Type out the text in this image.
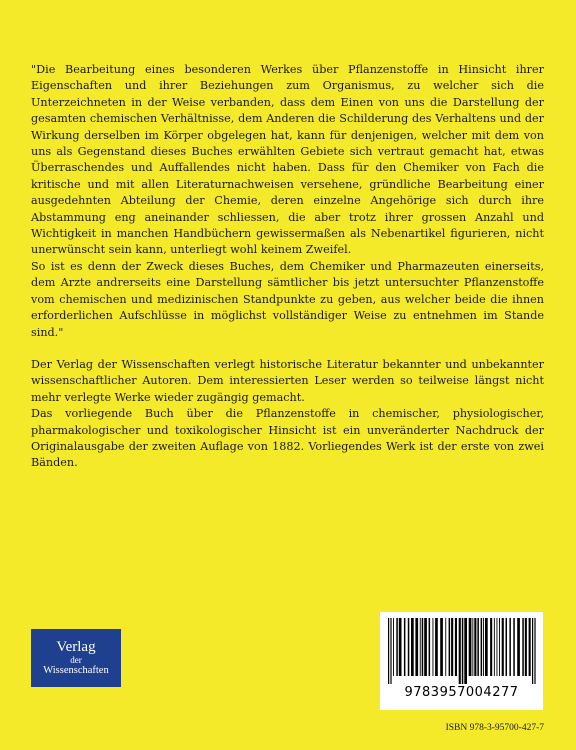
"Die Bearbeitung eines besonderen Werkes über Pflanzenstoffe in Hinsicht ihrer Eigenschaften und ihrer Beziehungen zum Organismus, zu welcher sich die Unterzeichneten in der Weise verbanden, dass dem Einen von uns die Darstellung der gesamten chemischen Verhältnisse, dem Anderen die Schilderung des Verhaltens und der Wirkung derselben im Körper obgelegen hat, kann für denjenigen, welcher mit dem von uns als Gegenstand dieses Buches erwählten Gebiete sich vertraut gemacht hat, etwas Überraschendes und Auffallendes nicht haben. Dass für den Chemiker von Fach die kritische und mit allen Literaturnachweisen versehene, gründliche Bearbeitung einer ausgedehnten Abteilung der Chemie, deren einzelne Angehörige sich durch ihre Abstammung eng aneinander schliessen, die aber trotz ihrer grossen Anzahl und Wichtigkeit in manchen Handbüchern gewissermaßen als Nebenartikel figurieren, nicht unerwünscht sein kann, unterliegt wohl keinem Zweifel.

So ist es denn der Zweck dieses Buches, dem Chemiker und Pharmazeuten einerseits, dem Arzte andrerseits eine Darstellung sämtlicher bis jetzt untersuchter Pflanzenstoffe vom chemischen und medizinischen Standpunkte zu geben, aus welcher beide die ihnen erforderlichen Aufschlüsse in möglichst vollständiger Weise zu entnehmen im Stande sind."

Der Verlag der Wissenschaften verlegt historische Literatur bekannter und unbekannter wissenschaftlicher Autoren. Dem interessierten Leser werden so teilweise längst nicht mehr verlegte Werke wieder zugängig gemacht.

Das vorliegende Buch über die Pflanzenstoffe in chemischer, physiologischer, pharmakologischer und toxikologischer Hinsicht ist ein unveränderter Nachdruck der Originalausgabe der zweiten Auflage von 1882. Vorliegendes Werk ist der erste von zwei Bänden.

Verlag
der
Wissenschaften
9783957004277
ISBN 978-3-95700-427-7
